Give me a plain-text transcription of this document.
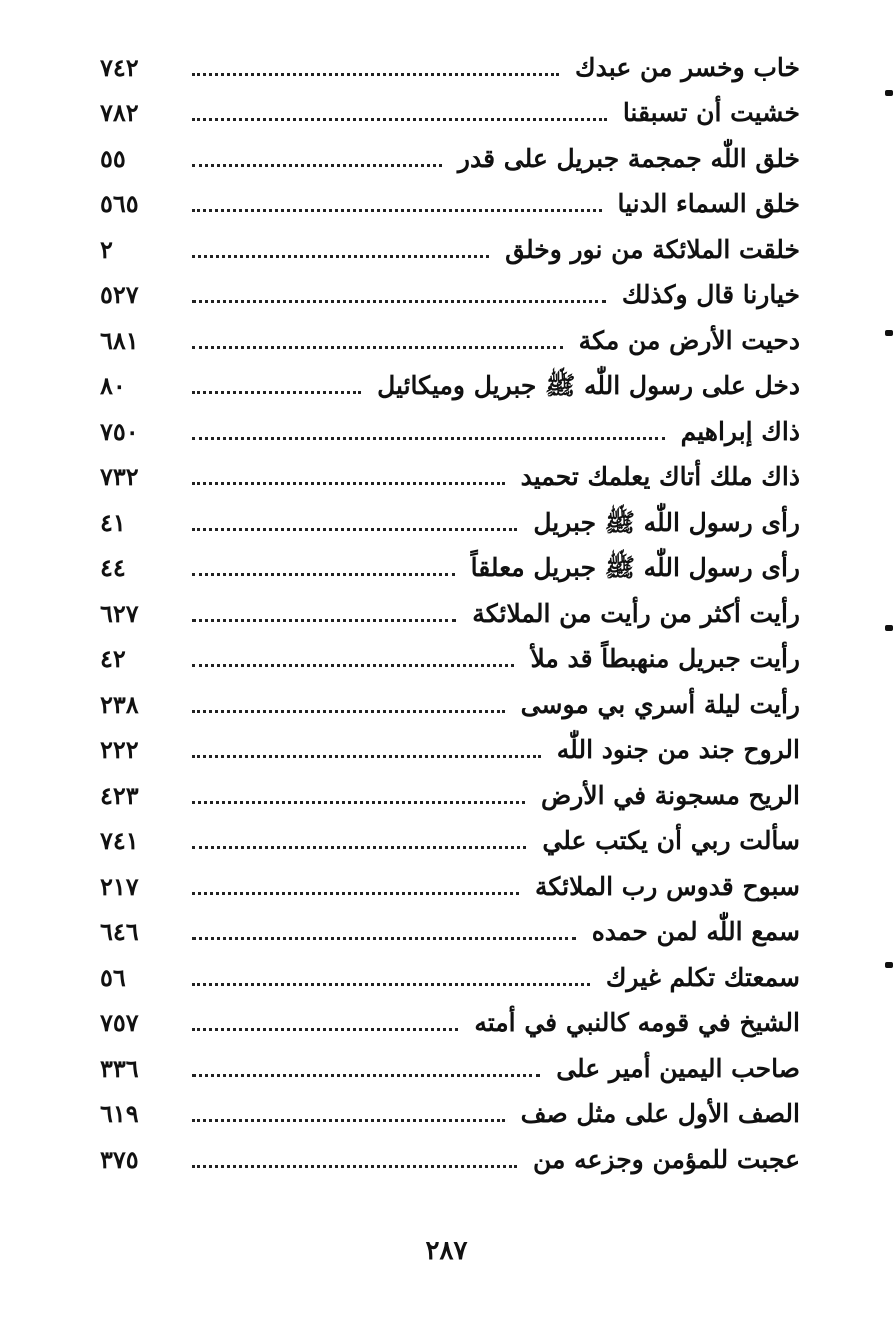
خاب وخسر من عبدك
٧٤٢
خشيت أن تسبقنا
٧٨٢
خلق اللّٰه جمجمة جبريل على قدر
٥٥
خلق السماء الدنيا
٥٦٥
خلقت الملائكة من نور وخلق
٢
خيارنا قال وكذلك
٥٢٧
دحيت الأرض من مكة
٦٨١
دخل على رسول اللّٰه ﷺ جبريل وميكائيل
٨٠
ذاك إبراهيم
٧٥٠
ذاك ملك أتاك يعلمك تحميد
٧٣٢
رأى رسول اللّٰه ﷺ جبريل
٤١
رأى رسول اللّٰه ﷺ جبريل معلقاً
٤٤
رأيت أكثر من رأيت من الملائكة
٦٢٧
رأيت جبريل منهبطاً قد ملأ
٤٢
رأيت ليلة أسري بي موسى
٢٣٨
الروح جند من جنود اللّٰه
٢٢٢
الريح مسجونة في الأرض
٤٢٣
سألت ربي أن يكتب علي
٧٤١
سبوح قدوس رب الملائكة
٢١٧
سمع اللّٰه لمن حمده
٦٤٦
سمعتك تكلم غيرك
٥٦
الشيخ في قومه كالنبي في أمته
٧٥٧
صاحب اليمين أمير على
٣٣٦
الصف الأول على مثل صف
٦١٩
عجبت للمؤمن وجزعه من
٣٧٥
٢٨٧
